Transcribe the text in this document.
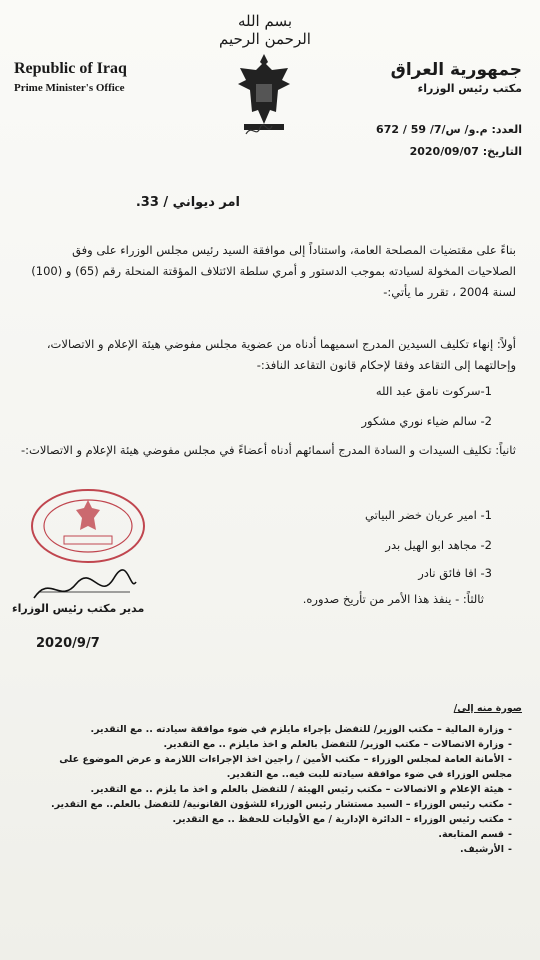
بسم الله الرحمن الرحيم
Republic of Iraq
Prime Minister's Office
جمهورية العراق
مكتب رئيس الوزراء
العدد: م.و/ س/7/ 59 / 672
التاريخ: 2020/09/07
امر ديواني / 33.
بناءً على مقتضيات المصلحة العامة، واستناداً إلى موافقة السيد رئيس مجلس الوزراء على وفق الصلاحيات المخولة لسيادته بموجب الدستور و أمري سلطة الائتلاف المؤقتة المنحلة رقم (65) و (100) لسنة 2004 ، تقرر ما يأتي:-
أولاً: إنهاء تكليف السيدين المدرج اسميهما أدناه من عضوية مجلس مفوضي هيئة الإعلام و الاتصالات، وإحالتهما إلى التقاعد وفقا لإحكام قانون التقاعد النافذ:-
1-سركوت نامق عبد الله
2- سالم ضياء نوري مشكور
ثانياً: تكليف السيدات و السادة المدرج أسمائهم أدناه أعضاءً في مجلس مفوضي هيئة الإعلام و الاتصالات:-
1- امير عريان خضر البياتي
2- مجاهد ابو الهيل بدر
3- افا فائق نادر
ثالثاً: - ينفذ هذا الأمر من تأريخ صدوره.
مدير مكتب رئيس الوزراء
2020/9/7
صورة منه إلى/
-وزارة المالية – مكتب الوزير/ للتفضل بإجراء مايلزم في ضوء موافقة سيادته .. مع التقدير.
-وزارة الاتصالات – مكتب الوزير/ للتفضل بالعلم و اخذ مايلزم .. مع التقدير.
-الأمانة العامة لمجلس الوزراء – مكتب الأمين / راجين اخذ الإجراءات اللازمة و عرض الموضوع على مجلس الوزراء في ضوء موافقة سيادته للبت فيه.. مع التقدير.
-هيئة الإعلام و الاتصالات – مكتب رئيس الهيئة / للتفضل بالعلم و اخذ ما يلزم .. مع التقدير.
-مكتب رئيس الوزراء – السيد مستشار رئيس الوزراء للشؤون القانونية/ للتفضل بالعلم.. مع التقدير.
-مكتب رئيس الوزراء – الدائرة الإدارية / مع الأوليات للحفظ .. مع التقدير.
-قسم المتابعة.
-الأرشيف.
